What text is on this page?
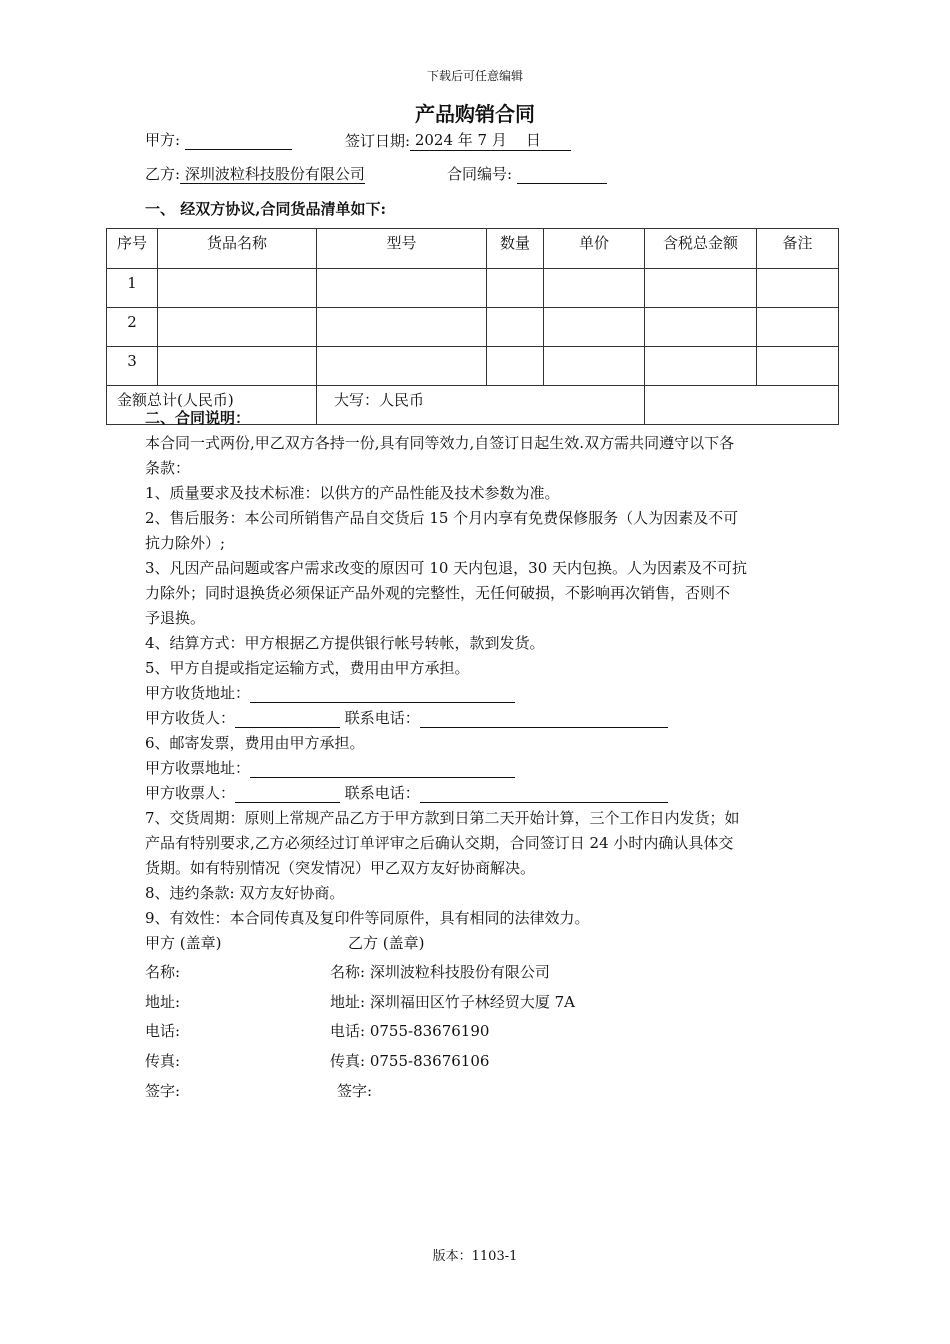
下载后可任意编辑
产品购销合同
甲方:	签订日期: 2024 年 7 月    日
乙方: 深圳波粒科技股份有限公司	合同编号:
一、 经双方协议,合同货品清单如下:
序号	货品名称	型号	数量	单价	含税总金额	备注
1						
2						
3						
金额总计(人民币)		大写：人民币				
二、合同说明：
本合同一式两份,甲乙双方各持一份,具有同等效力,自签订日起生效.双方需共同遵守以下各
条款：
1、质量要求及技术标准：以供方的产品性能及技术参数为准。
2、售后服务：本公司所销售产品自交货后 15 个月内享有免费保修服务（人为因素及不可
抗力除外）;
3、凡因产品问题或客户需求改变的原因可 10 天内包退，30 天内包换。人为因素及不可抗
力除外；同时退换货必须保证产品外观的完整性，无任何破损，不影响再次销售，否则不
予退换。
4、结算方式：甲方根据乙方提供银行帐号转帐，款到发货。
5、甲方自提或指定运输方式，费用由甲方承担。
甲方收货地址：
甲方收货人：	联系电话：
6、邮寄发票，费用由甲方承担。
甲方收票地址：
甲方收票人：	联系电话：
7、交货周期：原则上常规产品乙方于甲方款到日第二天开始计算，三个工作日内发货；如
产品有特别要求,乙方必须经过订单评审之后确认交期，合同签订日 24 小时内确认具体交
货期。如有特别情况（突发情况）甲乙双方友好协商解决。
8、违约条款: 双方友好协商。
9、有效性：本合同传真及复印件等同原件，具有相同的法律效力。
甲方 (盖章)	乙方 (盖章)
名称:	名称: 深圳波粒科技股份有限公司
地址:	地址: 深圳福田区竹子林经贸大厦 7A
电话:	电话: 0755-83676190
传真:	传真: 0755-83676106
签字:	签字:
版本：1103-1
